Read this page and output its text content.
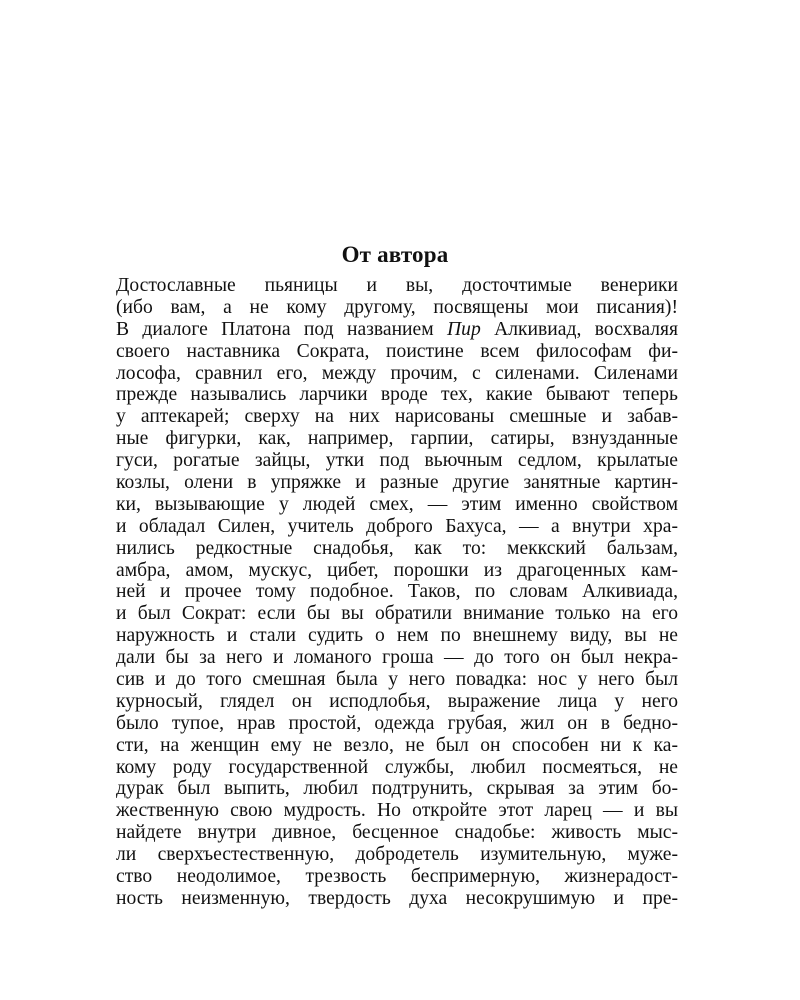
От автора
Достославные пьяницы и вы, досточтимые венерики
(ибо вам, а не кому другому, посвящены мои писания)!
В диалоге Платона под названием Пир Алкивиад, восхваляя
своего наставника Сократа, поистине всем философам фи-
лософа, сравнил его, между прочим, с силенами. Силенами
прежде назывались ларчики вроде тех, какие бывают теперь
у аптекарей; сверху на них нарисованы смешные и забав-
ные фигурки, как, например, гарпии, сатиры, взнузданные
гуси, рогатые зайцы, утки под вьючным седлом, крылатые
козлы, олени в упряжке и разные другие занятные картин-
ки, вызывающие у людей смех, — этим именно свойством
и обладал Силен, учитель доброго Бахуса, — а внутри хра-
нились редкостные снадобья, как то: меккский бальзам,
амбра, амом, мускус, цибет, порошки из драгоценных кам-
ней и прочее тому подобное. Таков, по словам Алкивиада,
и был Сократ: если бы вы обратили внимание только на его
наружность и стали судить о нем по внешнему виду, вы не
дали бы за него и ломаного гроша — до того он был некра-
сив и до того смешная была у него повадка: нос у него был
курносый, глядел он исподлобья, выражение лица у него
было тупое, нрав простой, одежда грубая, жил он в бедно-
сти, на женщин ему не везло, не был он способен ни к ка-
кому роду государственной службы, любил посмеяться, не
дурак был выпить, любил подтрунить, скрывая за этим бо-
жественную свою мудрость. Но откройте этот ларец — и вы
найдете внутри дивное, бесценное снадобье: живость мыс-
ли сверхъестественную, добродетель изумительную, муже-
ство неодолимое, трезвость беспримерную, жизнерадост-
ность неизменную, твердость духа несокрушимую и пре-
